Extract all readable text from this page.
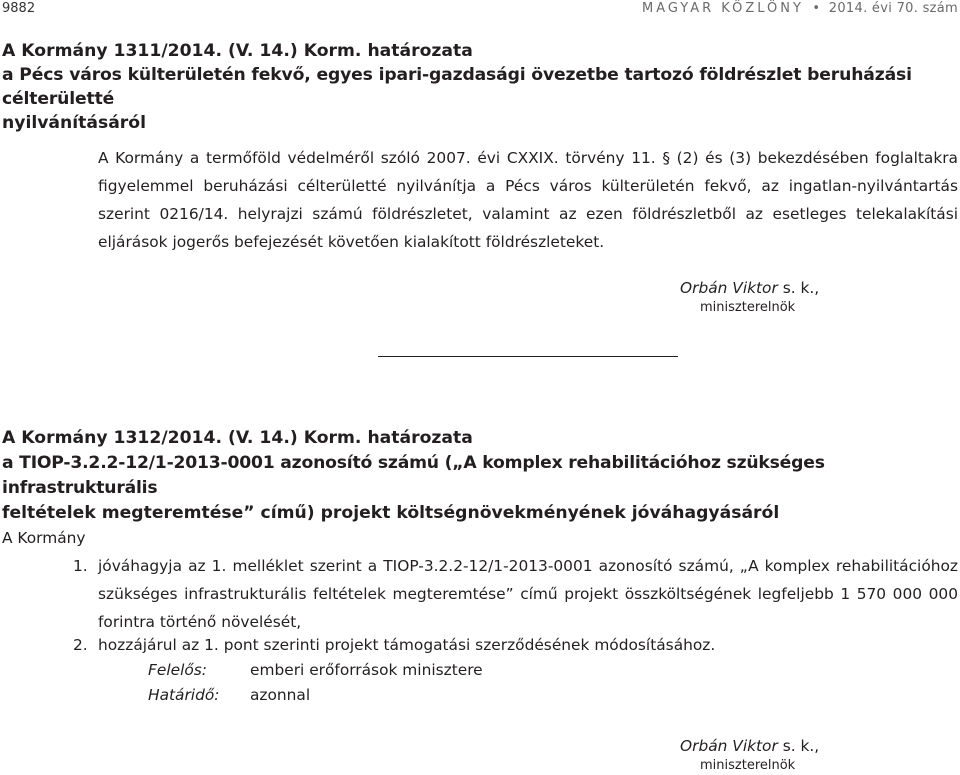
9882	MAGYAR KÖZLÖNY • 2014. évi 70. szám
A Kormány 1311/2014. (V. 14.) Korm. határozata
a Pécs város külterületén fekvő, egyes ipari-gazdasági övezetbe tartozó földrészlet beruházási célterületté
nyilvánításáról
A Kormány a termőföld védelméről szóló 2007. évi CXXIX. törvény 11. § (2) és (3) bekezdésében foglaltakra figyelemmel beruházási célterületté nyilvánítja a Pécs város külterületén fekvő, az ingatlan-nyilvántartás szerint 0216/14. helyrajzi számú földrészletet, valamint az ezen földrészletből az esetleges telekalakítási eljárások jogerős befejezését követően kialakított földrészleteket.
Orbán Viktor s. k.,
miniszterelnök
A Kormány 1312/2014. (V. 14.) Korm. határozata
a TIOP-3.2.2-12/1-2013-0001 azonosító számú („A komplex rehabilitációhoz szükséges infrastrukturális
feltételek megteremtése” című) projekt költségnövekményének jóváhagyásáról
A Kormány
1. jóváhagyja az 1. melléklet szerint a TIOP-3.2.2-12/1-2013-0001 azonosító számú, „A komplex rehabilitációhoz szükséges infrastrukturális feltételek megteremtése” című projekt összköltségének legfeljebb 1 570 000 000 forintra történő növelését,
2. hozzájárul az 1. pont szerinti projekt támogatási szerződésének módosításához.
Felelős:	emberi erőforrások minisztere
Határidő: azonnal
Orbán Viktor s. k.,
miniszterelnök
